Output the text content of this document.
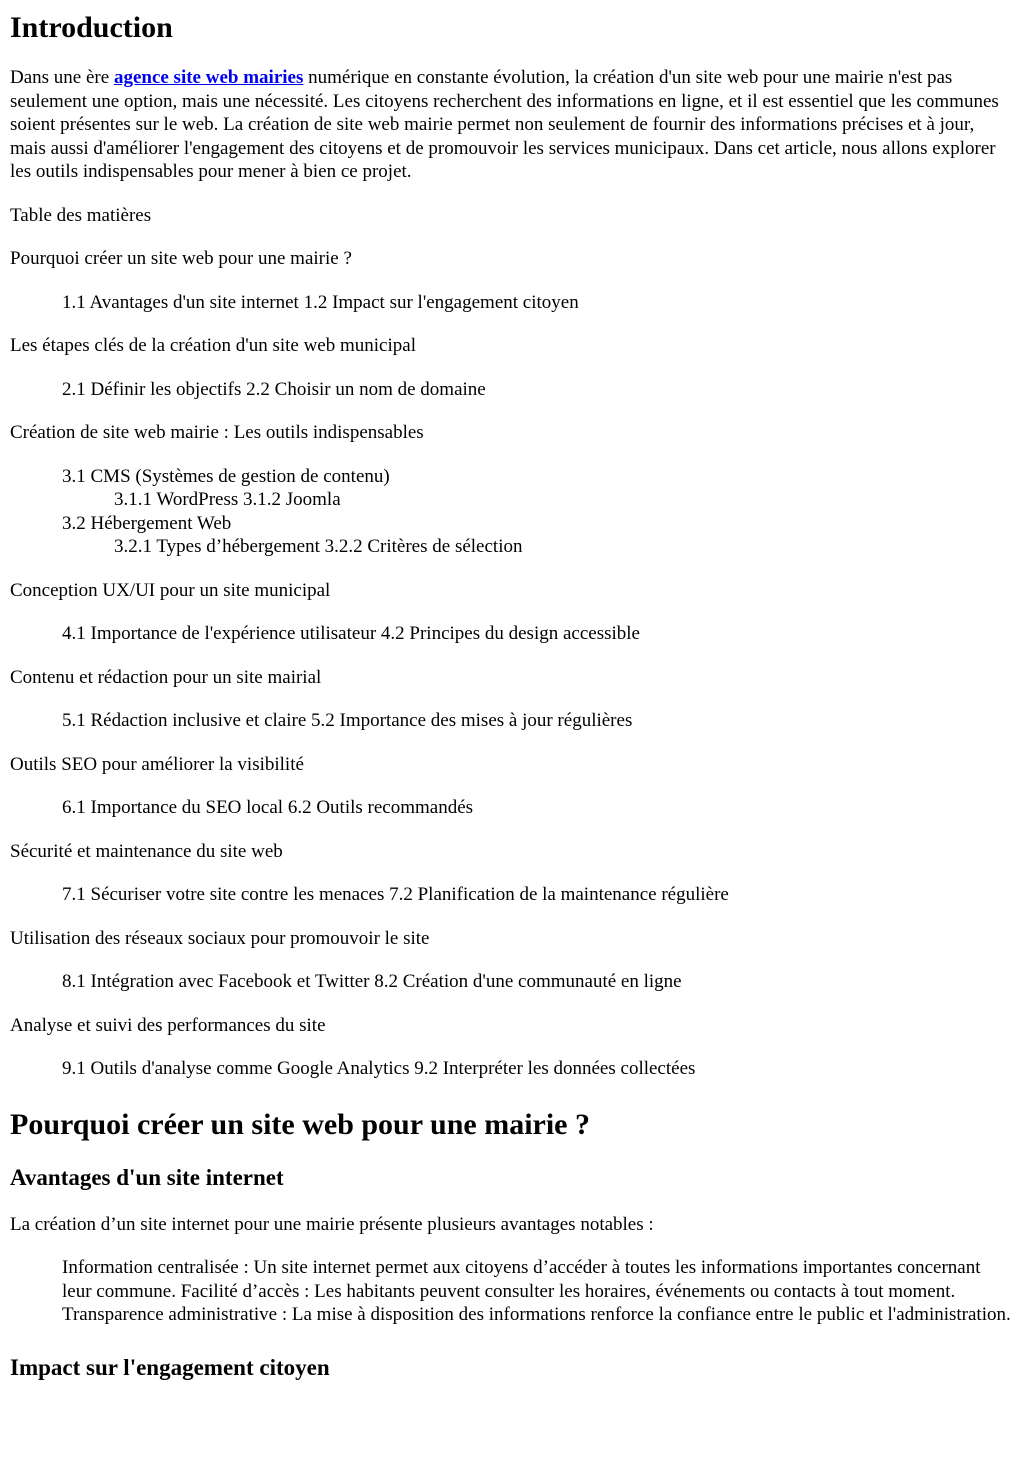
Introduction

Dans une ère agence site web mairies numérique en constante évolution, la création d'un site web pour une mairie n'est pas seulement une option, mais une nécessité. Les citoyens recherchent des informations en ligne, et il est essentiel que les communes soient présentes sur le web. La création de site web mairie permet non seulement de fournir des informations précises et à jour, mais aussi d'améliorer l'engagement des citoyens et de promouvoir les services municipaux. Dans cet article, nous allons explorer les outils indispensables pour mener à bien ce projet.

Table des matières

Pourquoi créer un site web pour une mairie ?

1.1 Avantages d'un site internet 1.2 Impact sur l'engagement citoyen

Les étapes clés de la création d'un site web municipal

2.1 Définir les objectifs 2.2 Choisir un nom de domaine

Création de site web mairie : Les outils indispensables

3.1 CMS (Systèmes de gestion de contenu)

3.1.1 WordPress 3.1.2 Joomla

3.2 Hébergement Web

3.2.1 Types d’hébergement 3.2.2 Critères de sélection

Conception UX/UI pour un site municipal

4.1 Importance de l'expérience utilisateur 4.2 Principes du design accessible

Contenu et rédaction pour un site mairial

5.1 Rédaction inclusive et claire 5.2 Importance des mises à jour régulières

Outils SEO pour améliorer la visibilité

6.1 Importance du SEO local 6.2 Outils recommandés

Sécurité et maintenance du site web

7.1 Sécuriser votre site contre les menaces 7.2 Planification de la maintenance régulière

Utilisation des réseaux sociaux pour promouvoir le site

8.1 Intégration avec Facebook et Twitter 8.2 Création d'une communauté en ligne

Analyse et suivi des performances du site

9.1 Outils d'analyse comme Google Analytics 9.2 Interpréter les données collectées

Pourquoi créer un site web pour une mairie ?
Avantages d'un site internet

La création d’un site internet pour une mairie présente plusieurs avantages notables :

Information centralisée : Un site internet permet aux citoyens d’accéder à toutes les informations importantes concernant leur commune. Facilité d’accès : Les habitants peuvent consulter les horaires, événements ou contacts à tout moment. Transparence administrative : La mise à disposition des informations renforce la confiance entre le public et l'administration.

Impact sur l'engagement citoyen
